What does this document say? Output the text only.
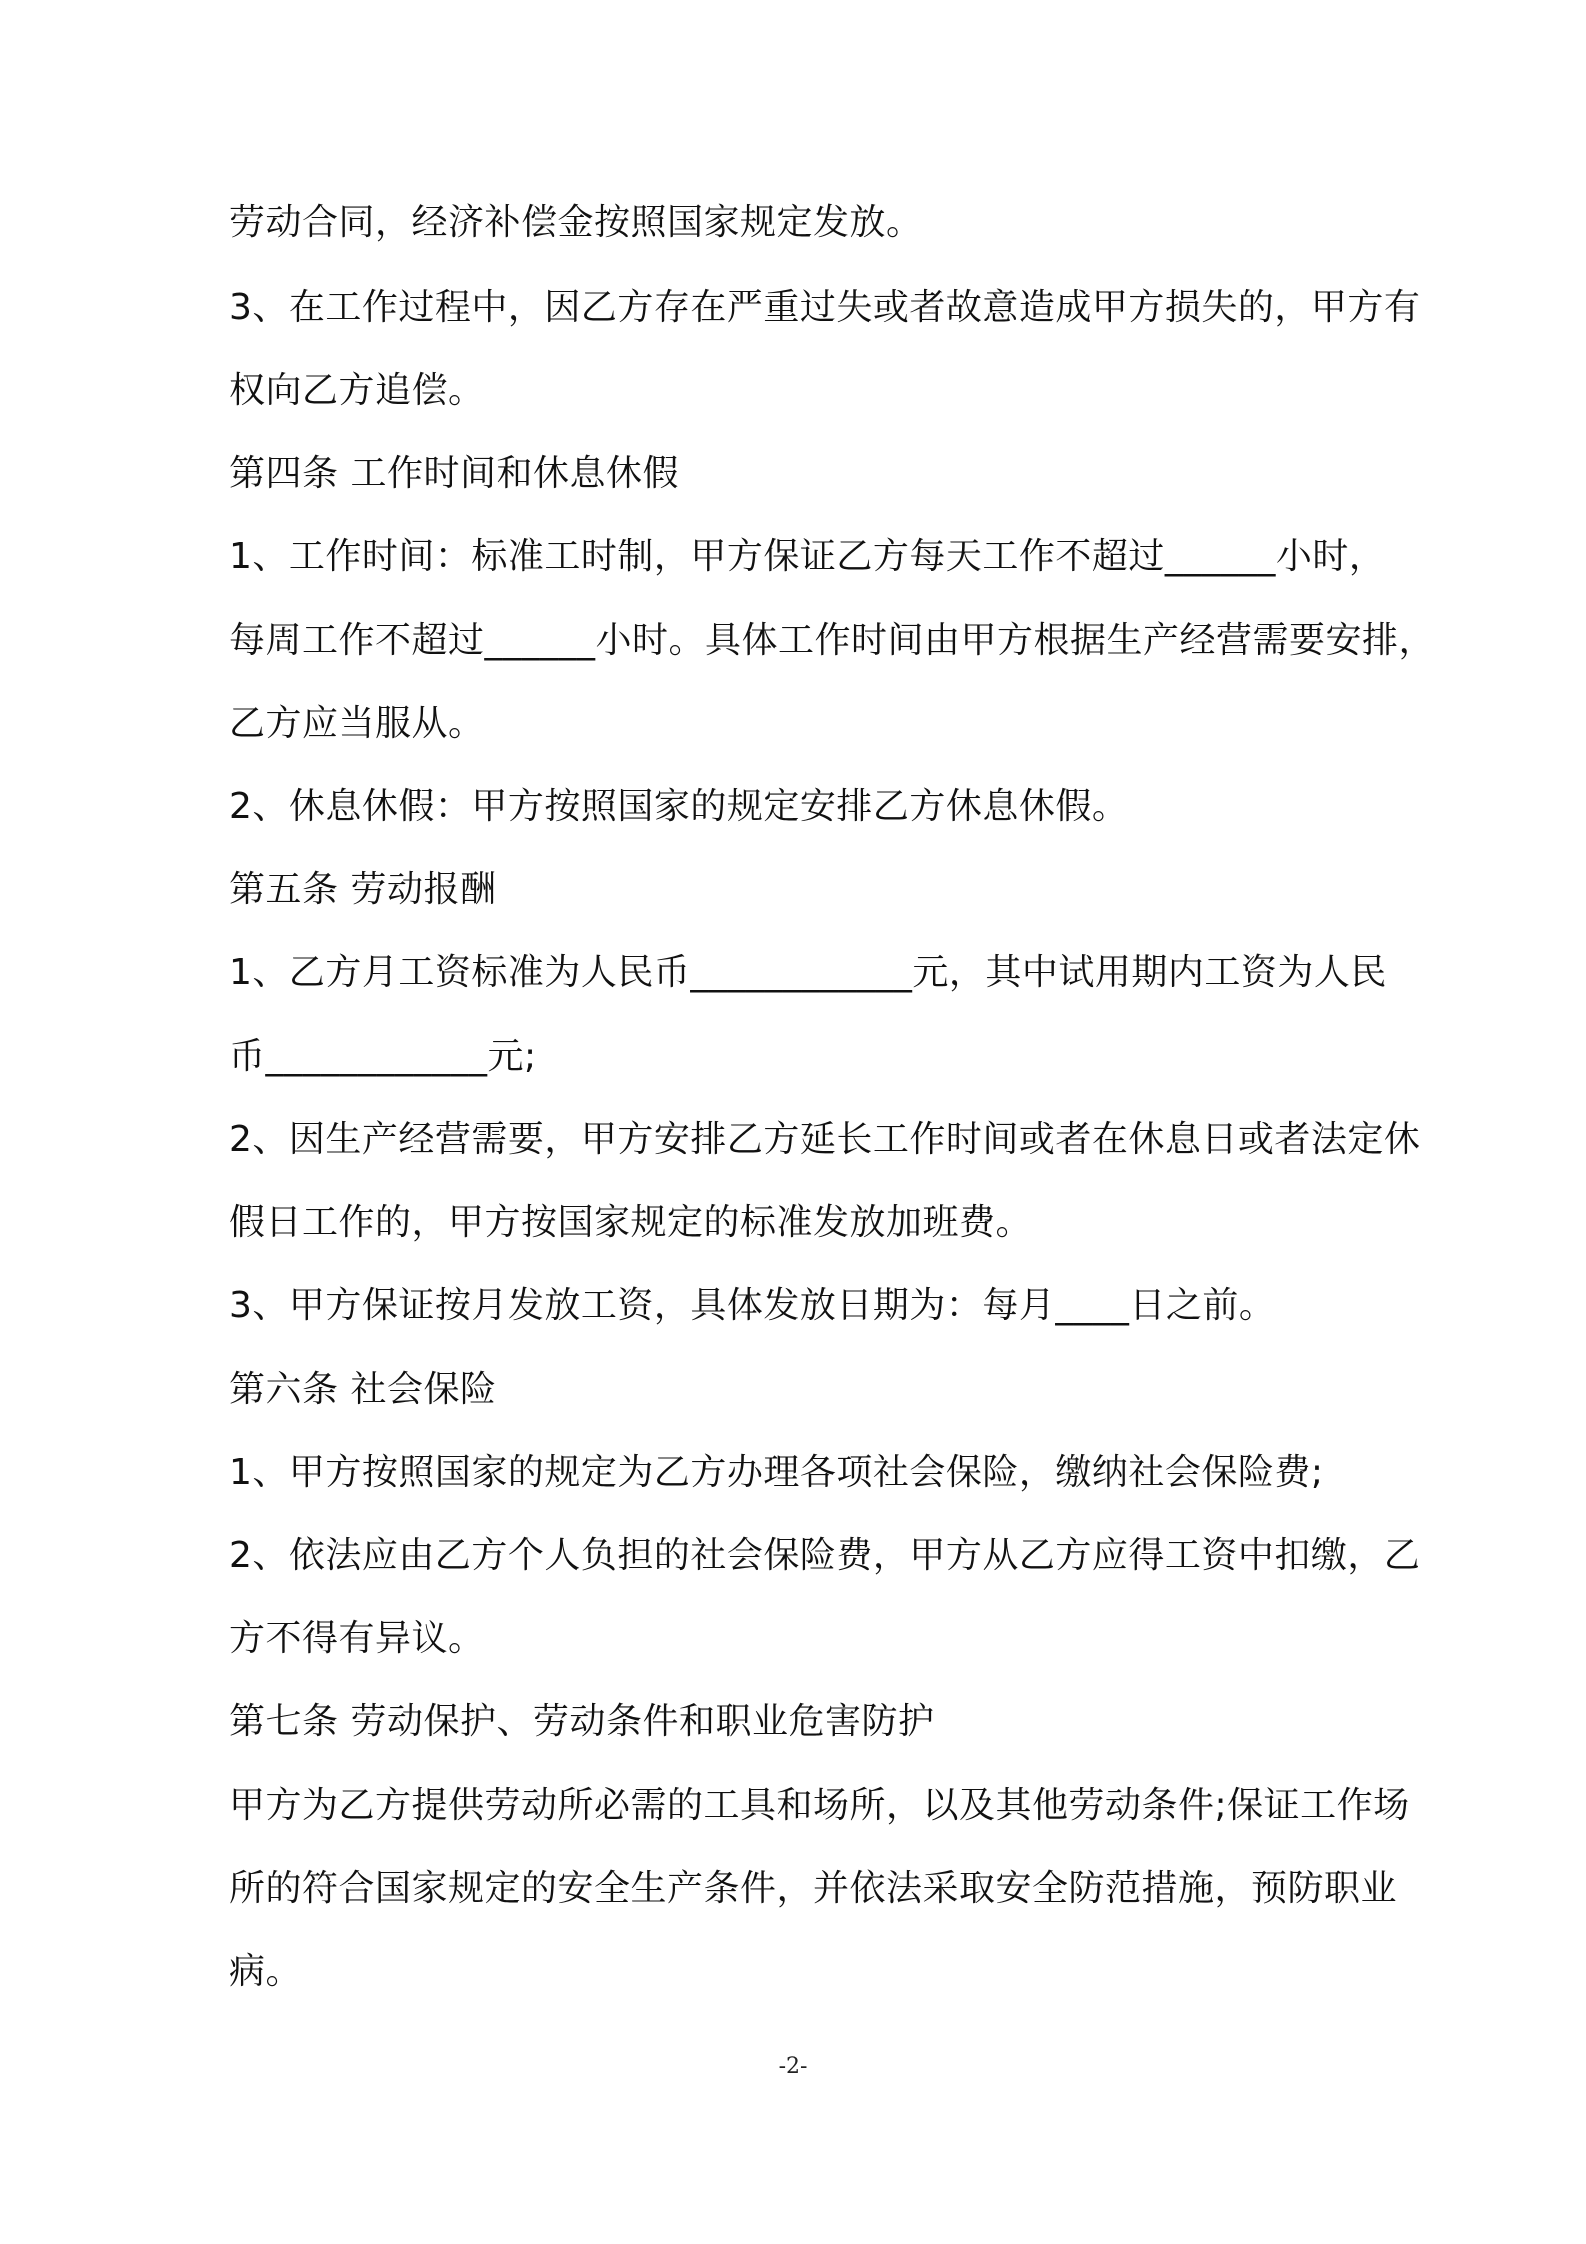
劳动合同，经济补偿金按照国家规定发放。
3、在工作过程中，因乙方存在严重过失或者故意造成甲方损失的，甲方有
权向乙方追偿。
第四条 工作时间和休息休假
1、工作时间：标准工时制，甲方保证乙方每天工作不超过______小时，
每周工作不超过______小时。具体工作时间由甲方根据生产经营需要安排，
乙方应当服从。
2、休息休假：甲方按照国家的规定安排乙方休息休假。
第五条 劳动报酬
1、乙方月工资标准为人民币____________元，其中试用期内工资为人民
币____________元;
2、因生产经营需要，甲方安排乙方延长工作时间或者在休息日或者法定休
假日工作的，甲方按国家规定的标准发放加班费。
3、甲方保证按月发放工资，具体发放日期为：每月____日之前。
第六条 社会保险
1、甲方按照国家的规定为乙方办理各项社会保险，缴纳社会保险费;
2、依法应由乙方个人负担的社会保险费，甲方从乙方应得工资中扣缴，乙
方不得有异议。
第七条 劳动保护、劳动条件和职业危害防护
甲方为乙方提供劳动所必需的工具和场所，以及其他劳动条件;保证工作场
所的符合国家规定的安全生产条件，并依法采取安全防范措施，预防职业
病。
-2-
